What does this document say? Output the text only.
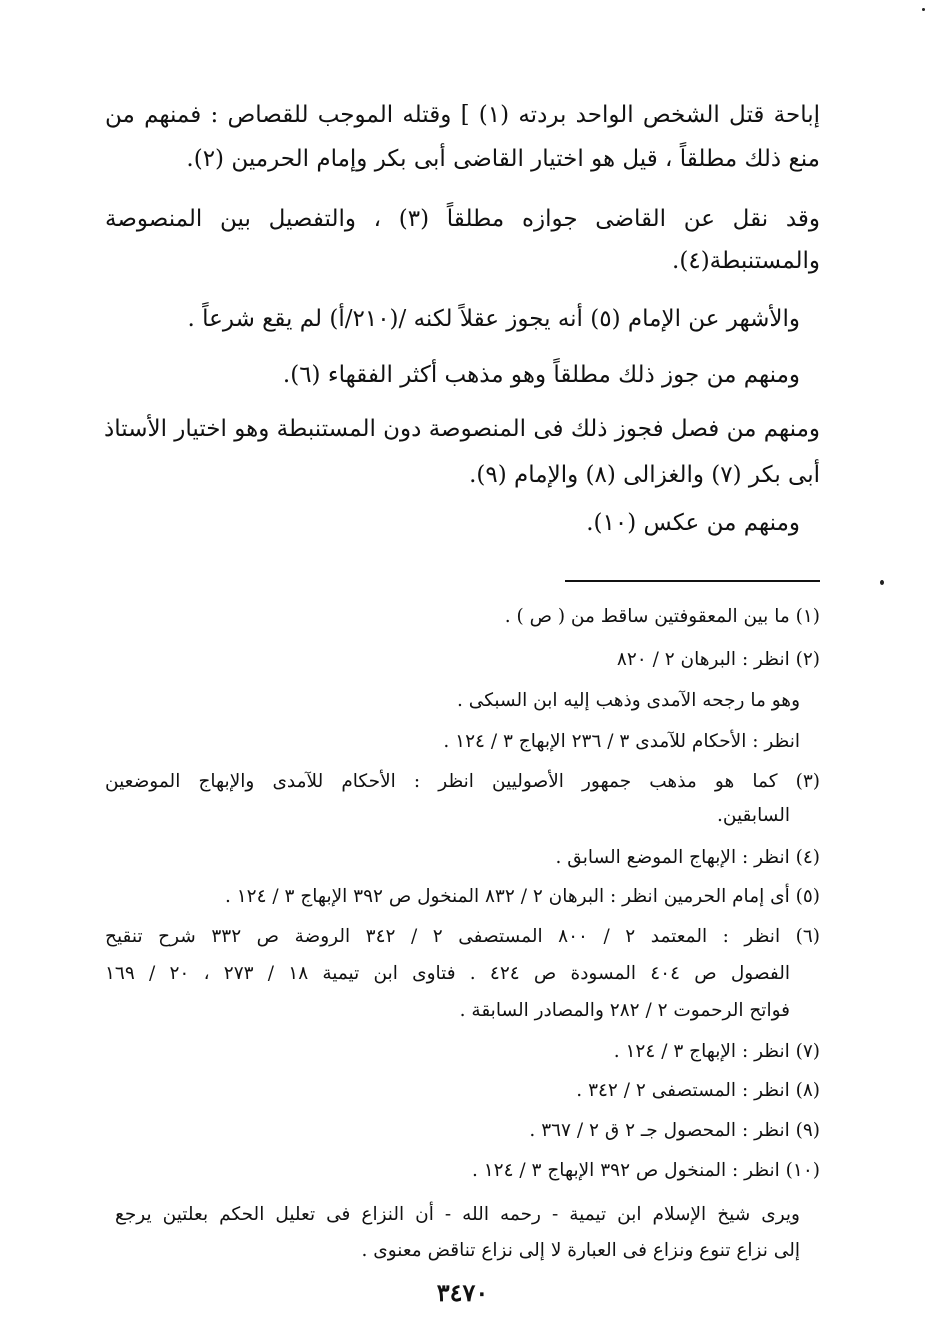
إباحة قتل الشخص الواحد بردته (١) ] وقتله الموجب للقصاص : فمنهم من
منع ذلك مطلقاً ، قيل هو اختيار القاضى أبى بكر وإمام الحرمين (٢).
وقد نقل عن القاضى جوازه مطلقاً (٣) ، والتفصيل بين المنصوصة
والمستنبطة(٤).
والأشهر عن الإمام (٥) أنه يجوز عقلاً لكنه /(٢١٠/أ) لم يقع شرعاً .
ومنهم من جوز ذلك مطلقاً وهو مذهب أكثر الفقهاء (٦).
ومنهم من فصل فجوز ذلك فى المنصوصة دون المستنبطة وهو اختيار الأستاذ
أبى بكر (٧) والغزالى (٨) والإمام (٩).
ومنهم من عكس (١٠).
(١) ما بين المعقوفتين ساقط من ( ص ) .
(٢) انظر : البرهان ٢ / ٨٢٠
وهو ما رجحه الآمدى وذهب إليه ابن السبكى .
انظر : الأحكام للآمدى ٣ / ٢٣٦ الإبهاج ٣ / ١٢٤ .
(٣) كما هو مذهب جمهور الأصوليين انظر : الأحكام للآمدى والإبهاج الموضعين
السابقين.
(٤) انظر : الإبهاج الموضع السابق .
(٥) أى إمام الحرمين انظر : البرهان ٢ / ٨٣٢ المنخول ص ٣٩٢ الإبهاج ٣ / ١٢٤ .
(٦) انظر : المعتمد ٢ / ٨٠٠ المستصفى ٢ / ٣٤٢ الروضة ص ٣٣٢ شرح تنقيح
الفصول ص ٤٠٤ المسودة ص ٤٢٤ . فتاوى ابن تيمية ١٨ / ٢٧٣ ، ٢٠ / ١٦٩
فواتح الرحموت ٢ / ٢٨٢ والمصادر السابقة .
(٧) انظر : الإبهاج ٣ / ١٢٤ .
(٨) انظر : المستصفى ٢ / ٣٤٢ .
(٩) انظر : المحصول جـ ٢ ق ٢ / ٣٦٧ .
(١٠) انظر : المنخول ص ٣٩٢ الإبهاج ٣ / ١٢٤ .
ويرى شيخ الإسلام ابن تيمية - رحمه الله - أن النزاع فى تعليل الحكم بعلتين يرجع
إلى نزاع تنوع ونزاع فى العبارة لا إلى نزاع تناقض معنوى .
٣٤٧٠
